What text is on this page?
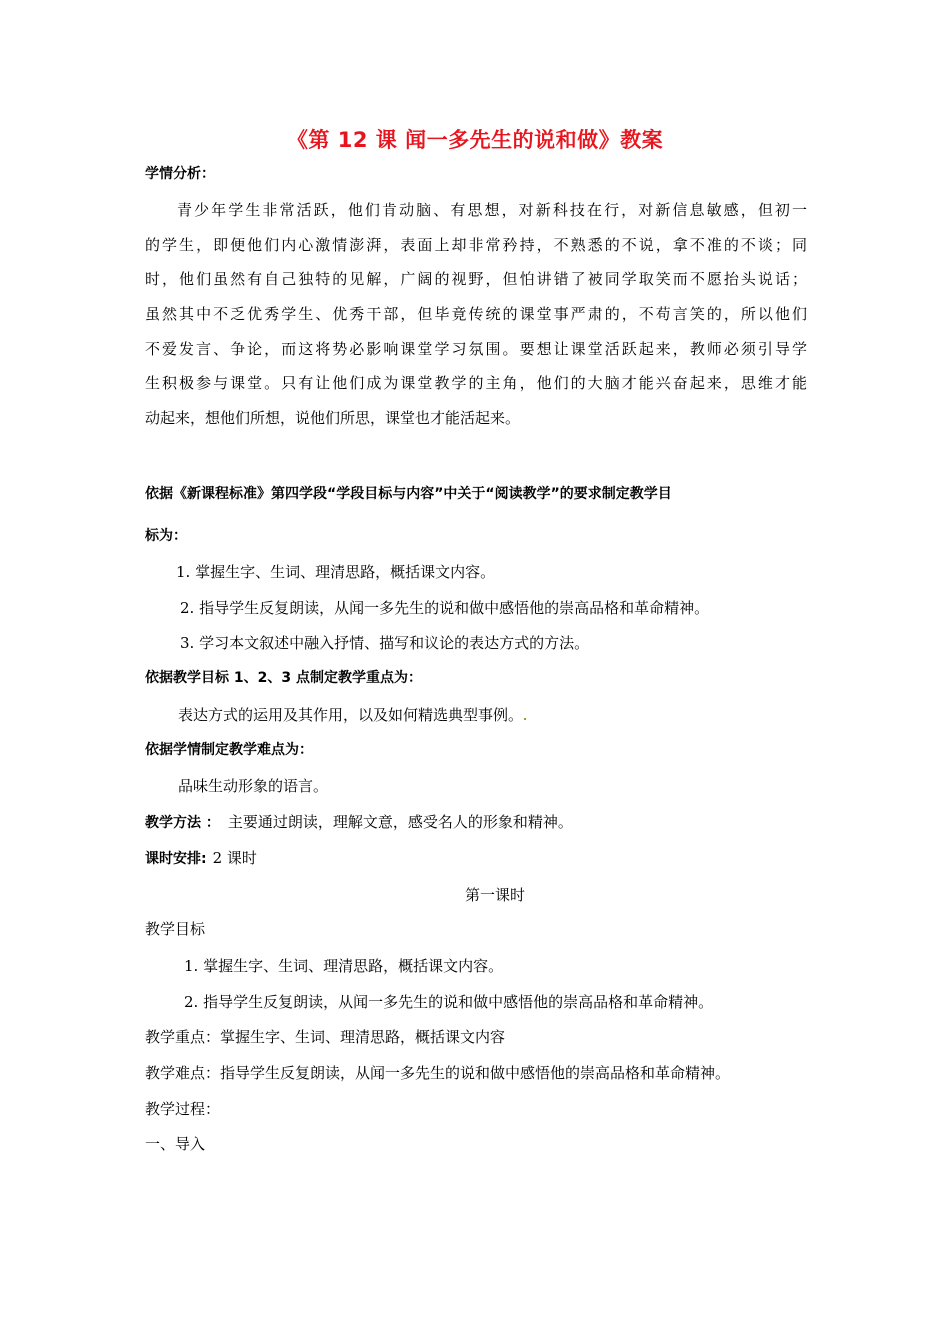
《第 12 课 闻一多先生的说和做》教案
学情分析：
青少年学生非常活跃，他们肯动脑、有思想，对新科技在行，对新信息敏感，但初一
的学生，即便他们内心激情澎湃，表面上却非常矜持，不熟悉的不说，拿不准的不谈；同
时，他们虽然有自己独特的见解，广阔的视野，但怕讲错了被同学取笑而不愿抬头说话；
虽然其中不乏优秀学生、优秀干部，但毕竟传统的课堂事严肃的，不苟言笑的，所以他们
不爱发言、争论，而这将势必影响课堂学习氛围。要想让课堂活跃起来，教师必须引导学
生积极参与课堂。只有让他们成为课堂教学的主角，他们的大脑才能兴奋起来，思维才能
动起来，想他们所想，说他们所思，课堂也才能活起来。
依据《新课程标准》第四学段“学段目标与内容”中关于“阅读教学”的要求制定教学目
标为：
1. 掌握生字、生词、理清思路，概括课文内容。
2. 指导学生反复朗读，从闻一多先生的说和做中感悟他的崇高品格和革命精神。
3. 学习本文叙述中融入抒情、描写和议论的表达方式的方法。
依据教学目标 1、2、3 点制定教学重点为：
表达方式的运用及其作用，以及如何精选典型事例。
依据学情制定教学难点为：
品味生动形象的语言。
教学方法 ： 主要通过朗读，理解文意，感受名人的形象和精神。
课时安排: 2 课时
第一课时
教学目标
1. 掌握生字、生词、理清思路，概括课文内容。
2. 指导学生反复朗读，从闻一多先生的说和做中感悟他的崇高品格和革命精神。
教学重点：掌握生字、生词、理清思路，概括课文内容
教学难点：指导学生反复朗读，从闻一多先生的说和做中感悟他的崇高品格和革命精神。
教学过程：
一、导入
